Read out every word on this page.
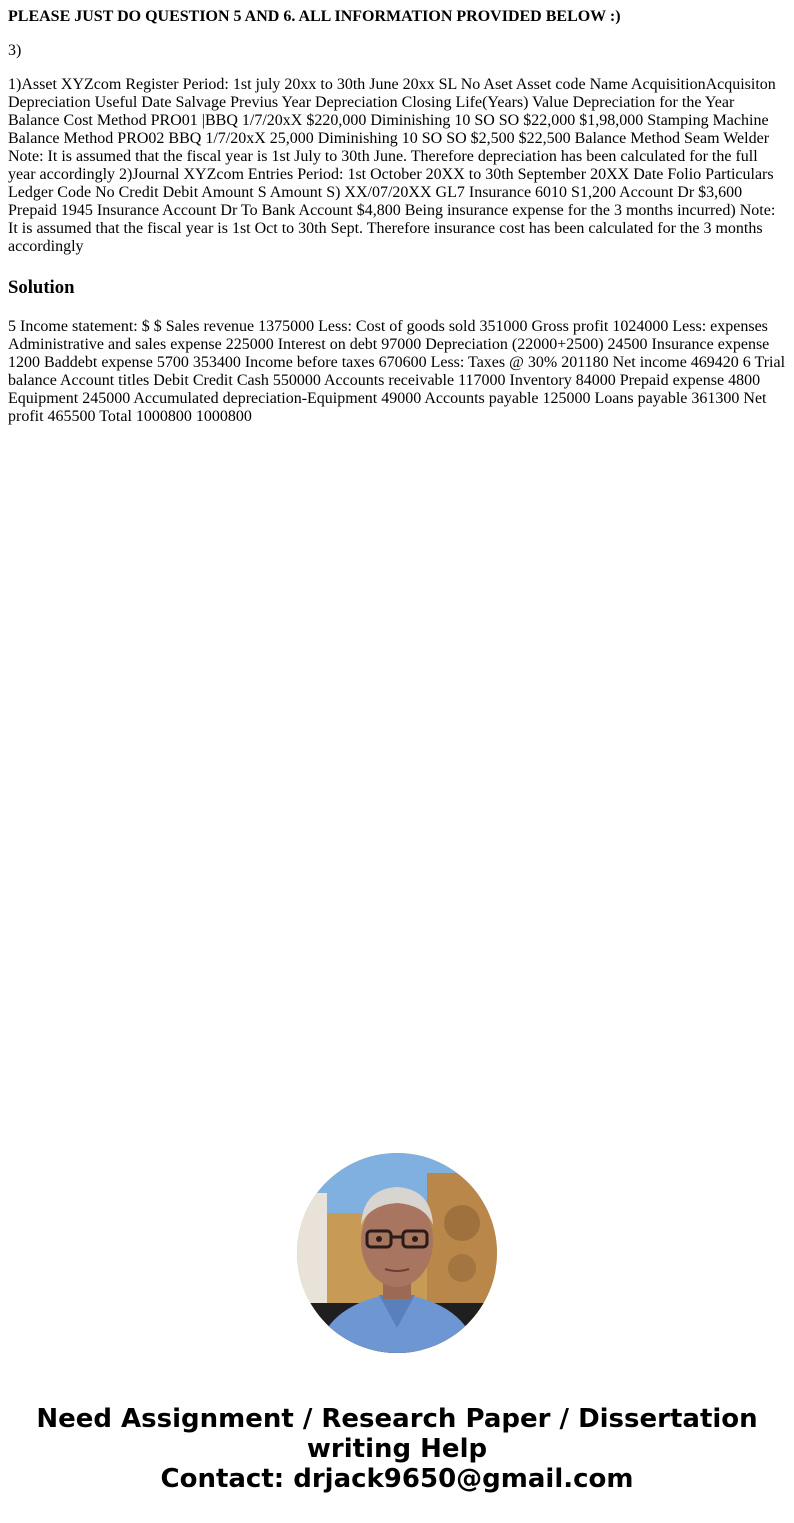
PLEASE JUST DO QUESTION 5 AND 6. ALL INFORMATION PROVIDED BELOW :)

3)

1)Asset XYZcom Register Period: 1st july 20xx to 30th June 20xx SL No Aset Asset code Name AcquisitionAcquisiton Depreciation Useful Date Salvage Previus Year Depreciation Closing Life(Years) Value Depreciation for the Year Balance Cost Method PRO01 |BBQ 1/7/20xX $220,000 Diminishing 10 SO SO $22,000 $1,98,000 Stamping Machine Balance Method PRO02 BBQ 1/7/20xX 25,000 Diminishing 10 SO SO $2,500 $22,500 Balance Method Seam Welder Note: It is assumed that the fiscal year is 1st July to 30th June. Therefore depreciation has been calculated for the full year accordingly 2)Journal XYZcom Entries Period: 1st October 20XX to 30th September 20XX Date Folio Particulars Ledger Code No Credit Debit Amount S Amount S) XX/07/20XX GL7 Insurance 6010 S1,200 Account Dr $3,600 Prepaid 1945 Insurance Account Dr To Bank Account $4,800 Being insurance expense for the 3 months incurred) Note: It is assumed that the fiscal year is 1st Oct to 30th Sept. Therefore insurance cost has been calculated for the 3 months accordingly

Solution

5 Income statement: $ $ Sales revenue 1375000 Less: Cost of goods sold 351000 Gross profit 1024000 Less: expenses Administrative and sales expense 225000 Interest on debt 97000 Depreciation (22000+2500) 24500 Insurance expense 1200 Baddebt expense 5700 353400 Income before taxes 670600 Less: Taxes @ 30% 201180 Net income 469420 6 Trial balance Account titles Debit Credit Cash 550000 Accounts receivable 117000 Inventory 84000 Prepaid expense 4800 Equipment 245000 Accumulated depreciation-Equipment 49000 Accounts payable 125000 Loans payable 361300 Net profit 465500 Total 1000800 1000800

Need Assignment / Research Paper / Dissertation
writing Help
Contact: drjack9650@gmail.com
